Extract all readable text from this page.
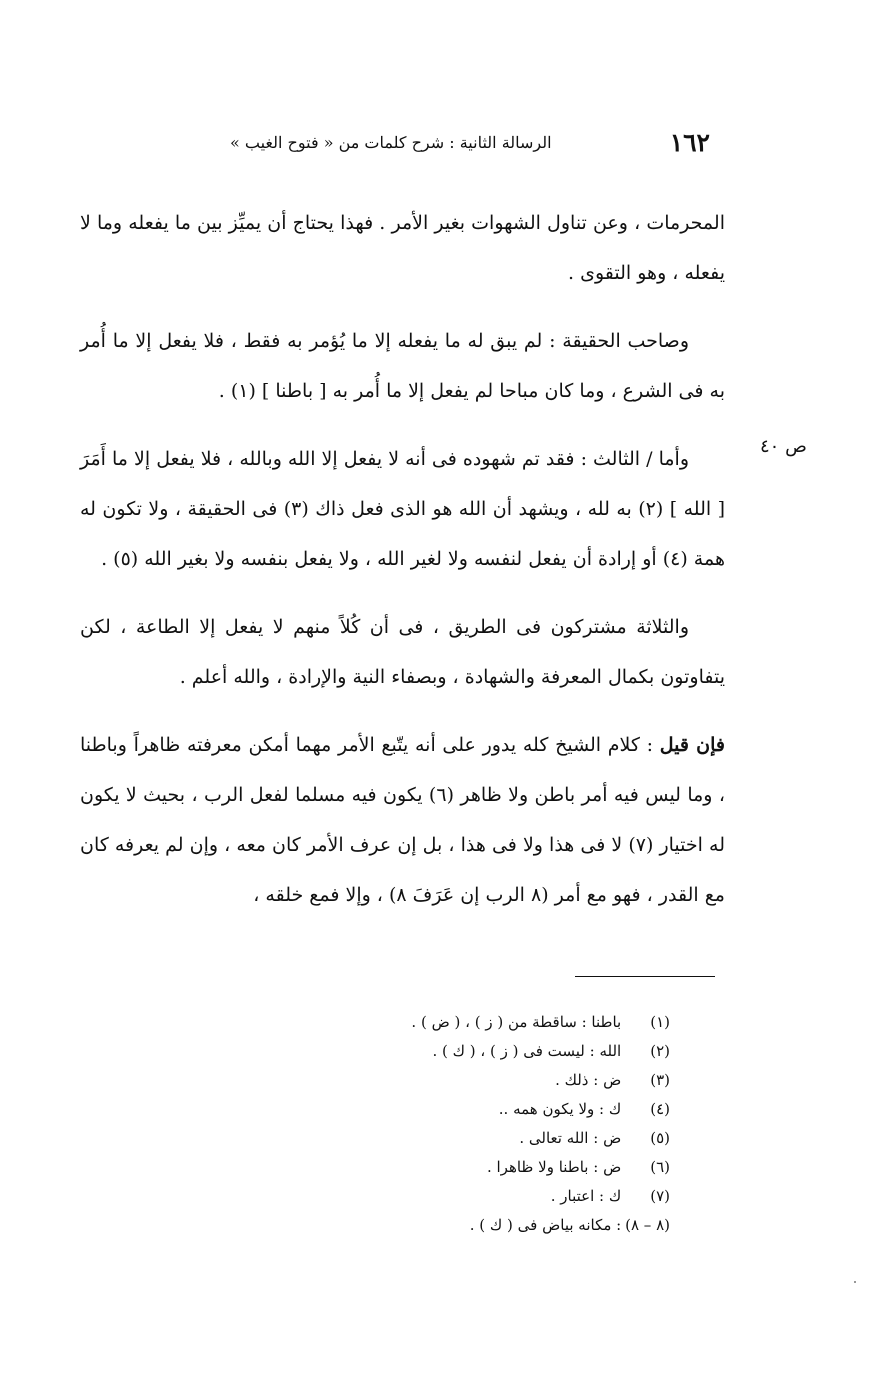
١٦٢
الرسالة الثانية : شرح كلمات من « فتوح الغيب »
ص ٤٠

المحرمات ، وعن تناول الشهوات بغير الأمر . فهذا يحتاج أن يميِّز بين ما يفعله وما لا يفعله ، وهو التقوى .

وصاحب الحقيقة : لم يبق له ما يفعله إلا ما يُؤمر به فقط ، فلا يفعل إلا ما أُمر به فى الشرع ، وما كان مباحا لم يفعل إلا ما أُمر به [ باطنا ] (١) .

وأما / الثالث : فقد تم شهوده فى أنه لا يفعل إلا الله وبالله ، فلا يفعل إلا ما أَمَرَ [ الله ] (٢) به لله ، ويشهد أن الله هو الذى فعل ذاك (٣) فى الحقيقة ، ولا تكون له همة (٤) أو إرادة أن يفعل لنفسه ولا لغير الله ، ولا يفعل بنفسه ولا بغير الله (٥) .

والثلاثة مشتركون فى الطريق ، فى أن كُلاً منهم لا يفعل إلا الطاعة ، لكن يتفاوتون بكمال المعرفة والشهادة ، وبصفاء النية والإرادة ، والله أعلم .

فإن قيل : كلام الشيخ كله يدور على أنه يتّبع الأمر مهما أمكن معرفته ظاهراً وباطنا ، وما ليس فيه أمر باطن ولا ظاهر (٦) يكون فيه مسلما لفعل الرب ، بحيث لا يكون له اختيار (٧) لا فى هذا ولا فى هذا ، بل إن عرف الأمر كان معه ، وإن لم يعرفه كان مع القدر ، فهو مع أمر (٨ الرب إن عَرَفَ ٨) ، وإلا فمع خلقه ،

(١) باطنا : ساقطة من ( ز ) ، ( ض ) .
(٢) الله : ليست فى ( ز ) ، ( ك ) .
(٣) ض : ذلك .
(٤) ك : ولا يكون همه ..
(٥) ض : الله تعالى .
(٦) ض : باطنا ولا ظاهرا .
(٧) ك : اعتبار .
(٨ – ٨) : مكانه بياض فى ( ك ) .
